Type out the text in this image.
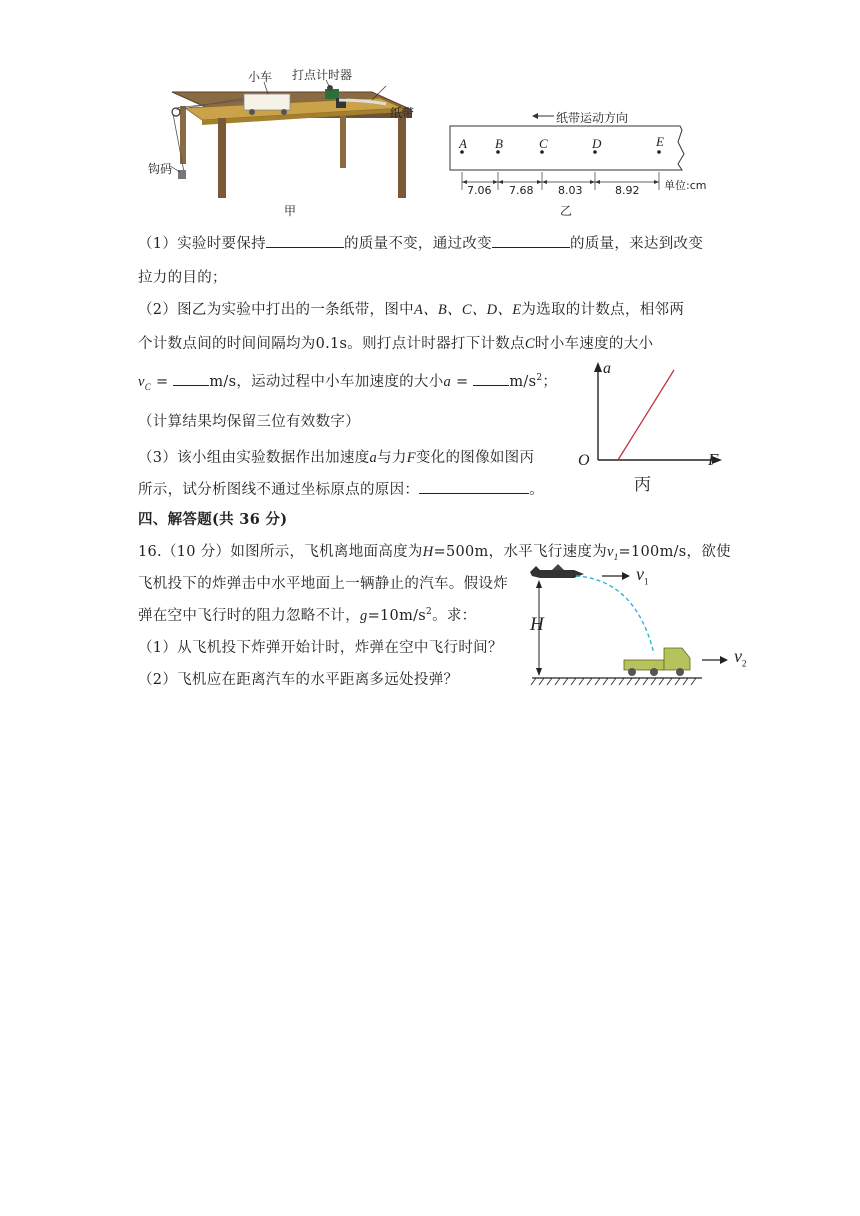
小车 打点计时器
纸带
钩码
甲
纸带运动方向
A B	C	D	E
7.06 7.68 8.03	8.92 单位:cm
乙
（1）实验时要保持	的质量不变，通过改变	的质量，来达到改变
拉力的目的；
（2）图乙为实验中打出的一条纸带，图中A、B、C、D、E为选取的计数点，相邻两
个计数点间的时间间隔均为0.1s。则打点计时器打下计数点C时小车速度的大小
$v_C = m/s$，运动过程中小车加速度的大小$a = m/s^2$；
（计算结果均保留三位有效数字）
（3）该小组由实验数据作出加速度a与力F变化的图像如图丙
所示，试分析图线不通过坐标原点的原因：	。
a
F
O
丙
四、解答题(共 36 分)
16.（10 分）如图所示，飞机离地面高度为H=500m，水平飞行速度为$v_1=100m/s$，欲使
飞机投下的炸弹击中水平地面上一辆静止的汽车。假设炸
弹在空中飞行时的阻力忽略不计，$g=10m/s^2$。求：
（1）从飞机投下炸弹开始计时，炸弹在空中飞行时间？
（2）飞机应在距离汽车的水平距离多远处投弹？
H
$v_1$
$v_2$
